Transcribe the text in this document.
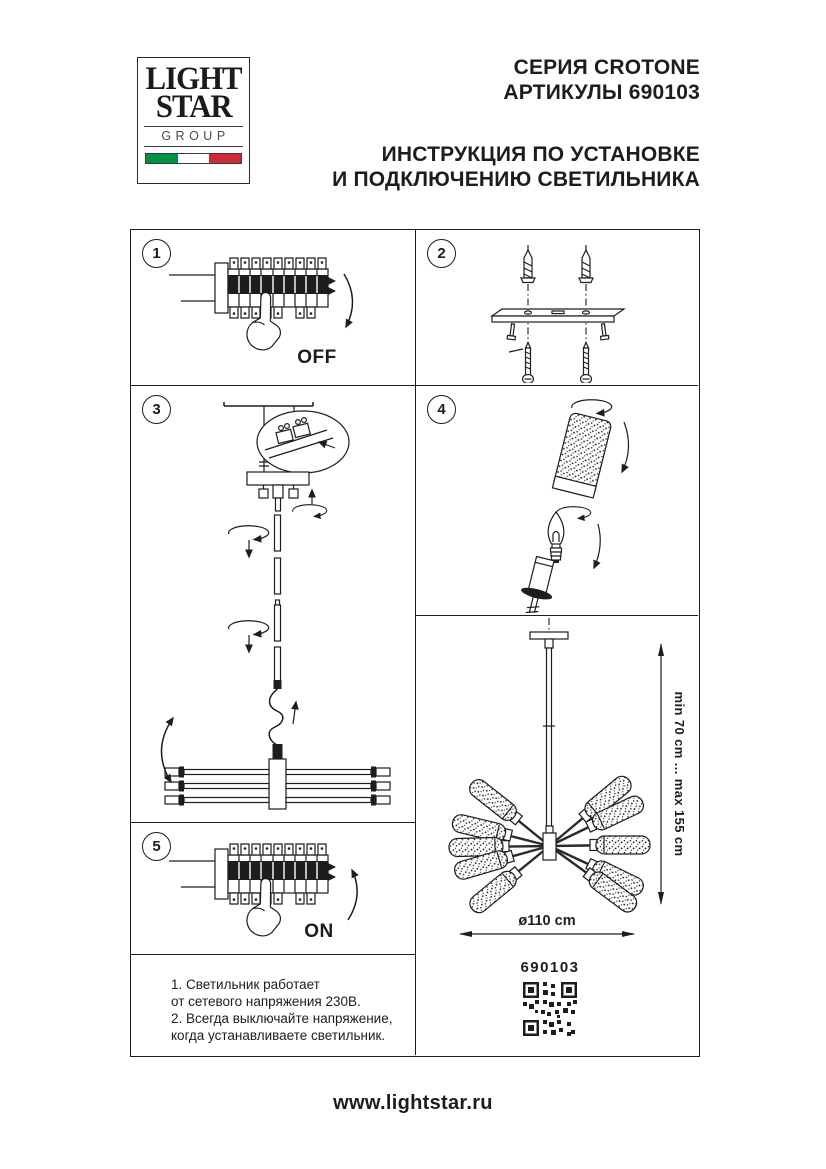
LIGHT
STAR
GROUP
СЕРИЯ CROTONE
АРТИКУЛЫ 690103
ИНСТРУКЦИЯ ПО УСТАНОВКЕ
И ПОДКЛЮЧЕНИЮ СВЕТИЛЬНИКА
1
OFF
2
3	4
5
ON
1. Светильник работает
от сетевого напряжения 230В.
2. Всегда выключайте напряжение,
когда устанавливаете светильник.
min 70 cm ... max 155 cm
ø110 cm
690103
www.lightstar.ru
